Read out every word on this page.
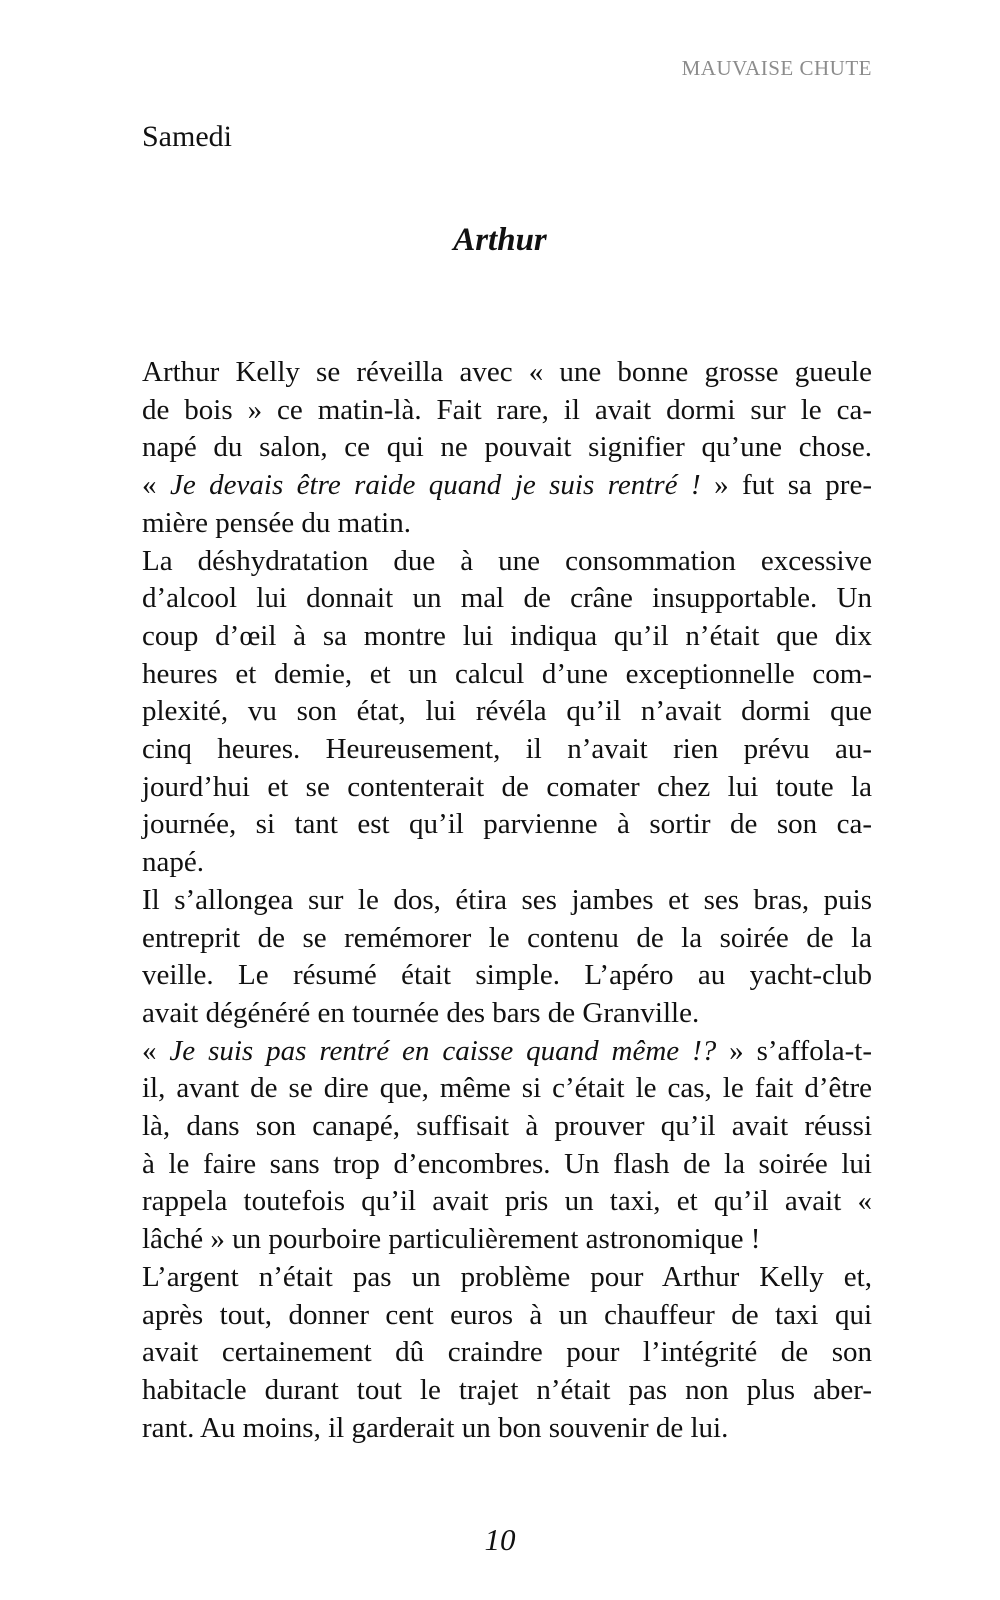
MAUVAISE CHUTE
Samedi
Arthur
Arthur Kelly se réveilla avec « une bonne grosse gueule
de bois » ce matin-là. Fait rare, il avait dormi sur le ca-
napé du salon, ce qui ne pouvait signifier qu’une chose.
« Je devais être raide quand je suis rentré ! » fut sa pre-
mière pensée du matin.
La déshydratation due à une consommation excessive
d’alcool lui donnait un mal de crâne insupportable. Un
coup d’œil à sa montre lui indiqua qu’il n’était que dix
heures et demie, et un calcul d’une exceptionnelle com-
plexité, vu son état, lui révéla qu’il n’avait dormi que
cinq heures. Heureusement, il n’avait rien prévu au-
jourd’hui et se contenterait de comater chez lui toute la
journée, si tant est qu’il parvienne à sortir de son ca-
napé.
Il s’allongea sur le dos, étira ses jambes et ses bras, puis
entreprit de se remémorer le contenu de la soirée de la
veille. Le résumé était simple. L’apéro au yacht-club
avait dégénéré en tournée des bars de Granville.
« Je suis pas rentré en caisse quand même !? » s’affola-t-
il, avant de se dire que, même si c’était le cas, le fait d’être
là, dans son canapé, suffisait à prouver qu’il avait réussi
à le faire sans trop d’encombres. Un flash de la soirée lui
rappela toutefois qu’il avait pris un taxi, et qu’il avait «
lâché » un pourboire particulièrement astronomique !
L’argent n’était pas un problème pour Arthur Kelly et,
après tout, donner cent euros à un chauffeur de taxi qui
avait certainement dû craindre pour l’intégrité de son
habitacle durant tout le trajet n’était pas non plus aber-
rant. Au moins, il garderait un bon souvenir de lui.
10
